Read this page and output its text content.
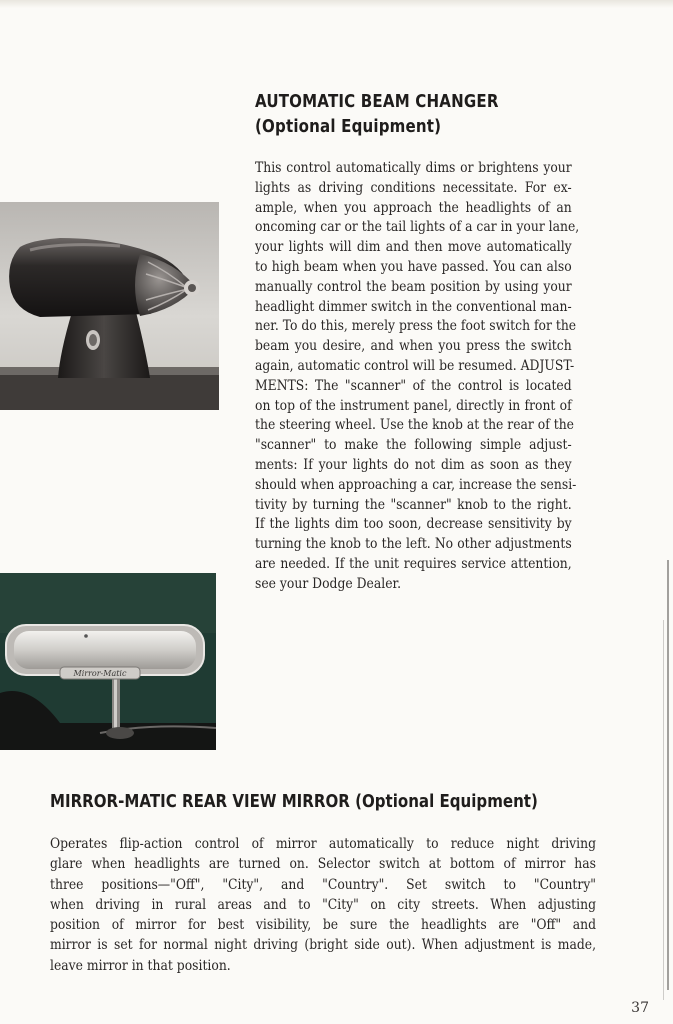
Mirror-Matic
AUTOMATIC BEAM CHANGER
(Optional Equipment)
This control automatically dims or brightens your
lights as driving conditions necessitate. For ex-
ample, when you approach the headlights of an
oncoming car or the tail lights of a car in your lane,
your lights will dim and then move automatically
to high beam when you have passed. You can also
manually control the beam position by using your
headlight dimmer switch in the conventional man-
ner. To do this, merely press the foot switch for the
beam you desire, and when you press the switch
again, automatic control will be resumed. ADJUST-
MENTS: The "scanner" of the control is located
on top of the instrument panel, directly in front of
the steering wheel. Use the knob at the rear of the
"scanner" to make the following simple adjust-
ments: If your lights do not dim as soon as they
should when approaching a car, increase the sensi-
tivity by turning the "scanner" knob to the right.
If the lights dim too soon, decrease sensitivity by
turning the knob to the left. No other adjustments
are needed. If the unit requires service attention,
see your Dodge Dealer.
MIRROR-MATIC REAR VIEW MIRROR (Optional Equipment)
Operates flip-action control of mirror automatically to reduce night driving
glare when headlights are turned on. Selector switch at bottom of mirror has
three positions—"Off", "City", and "Country". Set switch to "Country"
when driving in rural areas and to "City" on city streets. When adjusting
position of mirror for best visibility, be sure the headlights are "Off" and
mirror is set for normal night driving (bright side out). When adjustment is made,
leave mirror in that position.
37
